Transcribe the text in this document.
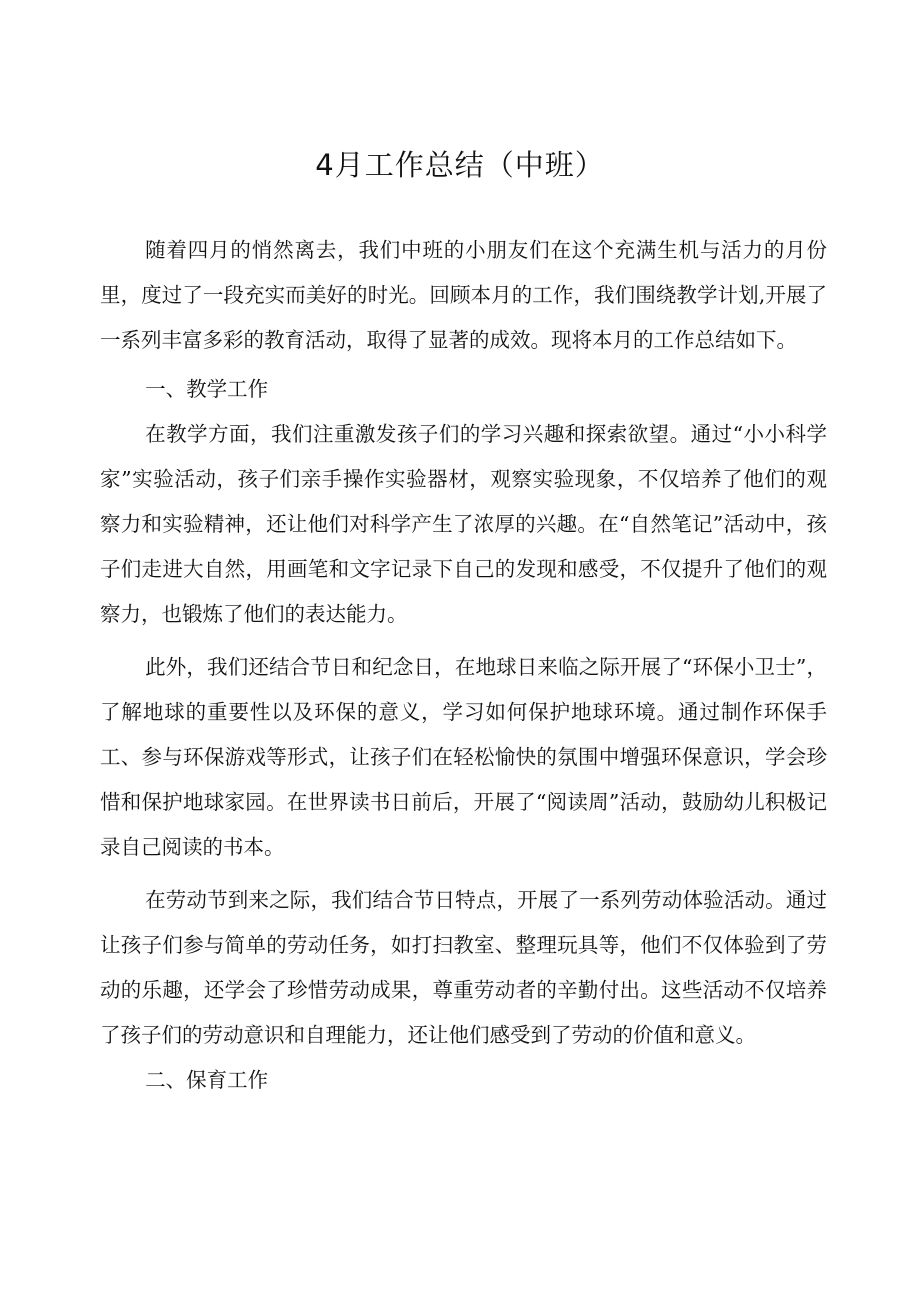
4月工作总结（中班）

随着四月的悄然离去，我们中班的小朋友们在这个充满生机与活力的月份里，度过了一段充实而美好的时光。回顾本月的工作，我们围绕教学计划,开展了一系列丰富多彩的教育活动，取得了显著的成效。现将本月的工作总结如下。

一、教学工作

在教学方面，我们注重激发孩子们的学习兴趣和探索欲望。通过“小小科学家”实验活动，孩子们亲手操作实验器材，观察实验现象，不仅培养了他们的观察力和实验精神，还让他们对科学产生了浓厚的兴趣。在“自然笔记”活动中，孩子们走进大自然，用画笔和文字记录下自己的发现和感受，不仅提升了他们的观察力，也锻炼了他们的表达能力。

此外，我们还结合节日和纪念日，在地球日来临之际开展了“环保小卫士”，了解地球的重要性以及环保的意义，学习如何保护地球环境。通过制作环保手工、参与环保游戏等形式，让孩子们在轻松愉快的氛围中增强环保意识，学会珍惜和保护地球家园。在世界读书日前后，开展了“阅读周”活动，鼓励幼儿积极记录自己阅读的书本。

在劳动节到来之际，我们结合节日特点，开展了一系列劳动体验活动。通过让孩子们参与简单的劳动任务，如打扫教室、整理玩具等，他们不仅体验到了劳动的乐趣，还学会了珍惜劳动成果，尊重劳动者的辛勤付出。这些活动不仅培养了孩子们的劳动意识和自理能力，还让他们感受到了劳动的价值和意义。

二、保育工作
